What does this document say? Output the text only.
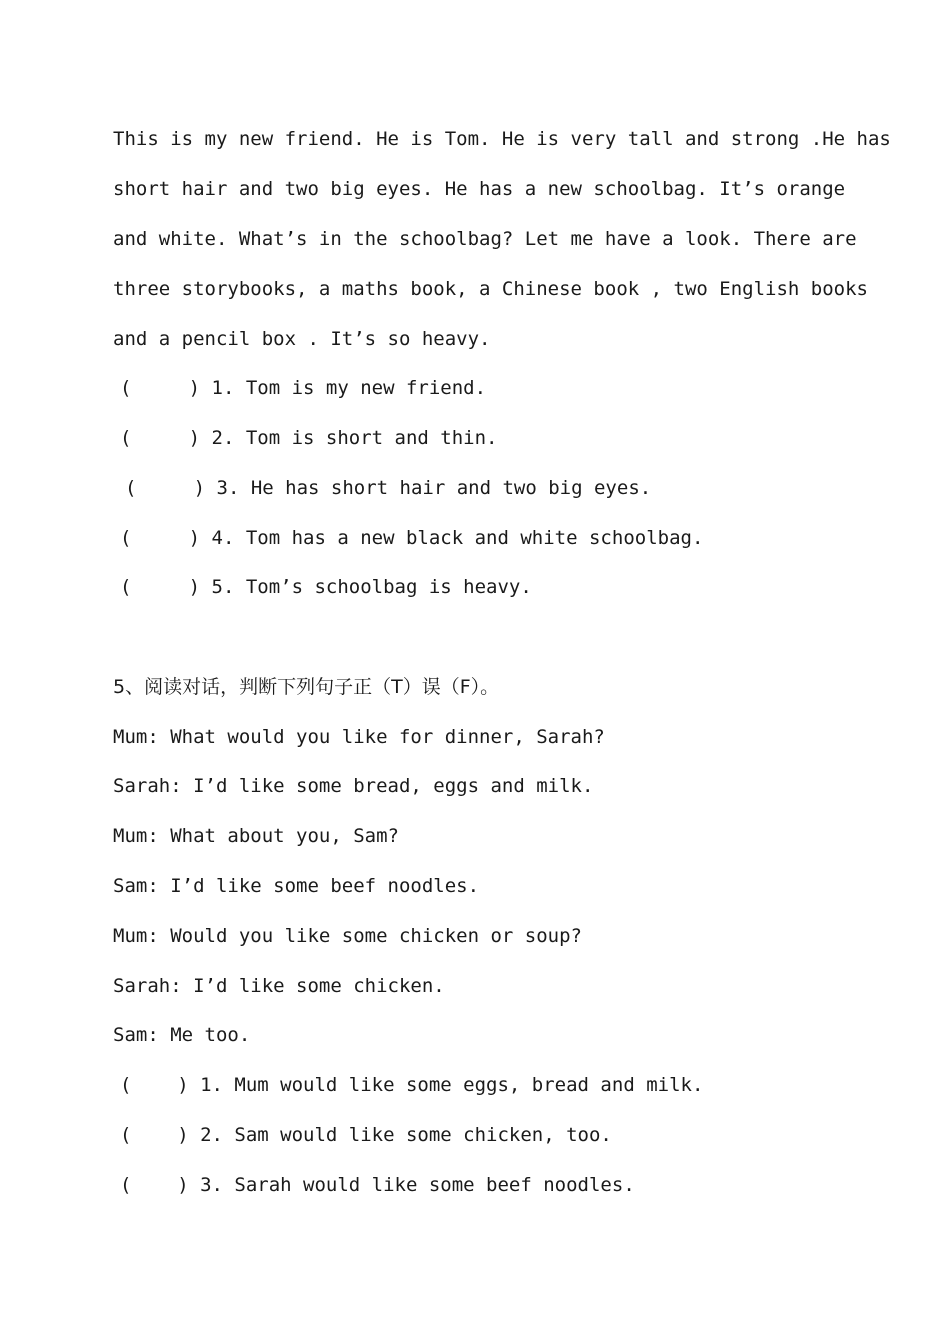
This is my new friend. He is Tom. He is very tall and strong .He has
short hair and two big eyes. He has a new schoolbag. It’s orange
and white. What’s in the schoolbag? Let me have a look. There are
three storybooks, a maths book, a Chinese book , two English books
and a pencil box . It’s so heavy.
(     ) 1. Tom is my new friend.
(     ) 2. Tom is short and thin.
(     ) 3. He has short hair and two big eyes.
(     ) 4. Tom has a new black and white schoolbag.
(     ) 5. Tom’s schoolbag is heavy.
5、阅读对话，判断下列句子正（T）误（F）。
Mum: What would you like for dinner, Sarah?
Sarah: I’d like some bread, eggs and milk.
Mum: What about you, Sam?
Sam: I’d like some beef noodles.
Mum: Would you like some chicken or soup?
Sarah: I’d like some chicken.
Sam: Me too.
(    ) 1. Mum would like some eggs, bread and milk.
(    ) 2. Sam would like some chicken, too.
(    ) 3. Sarah would like some beef noodles.
